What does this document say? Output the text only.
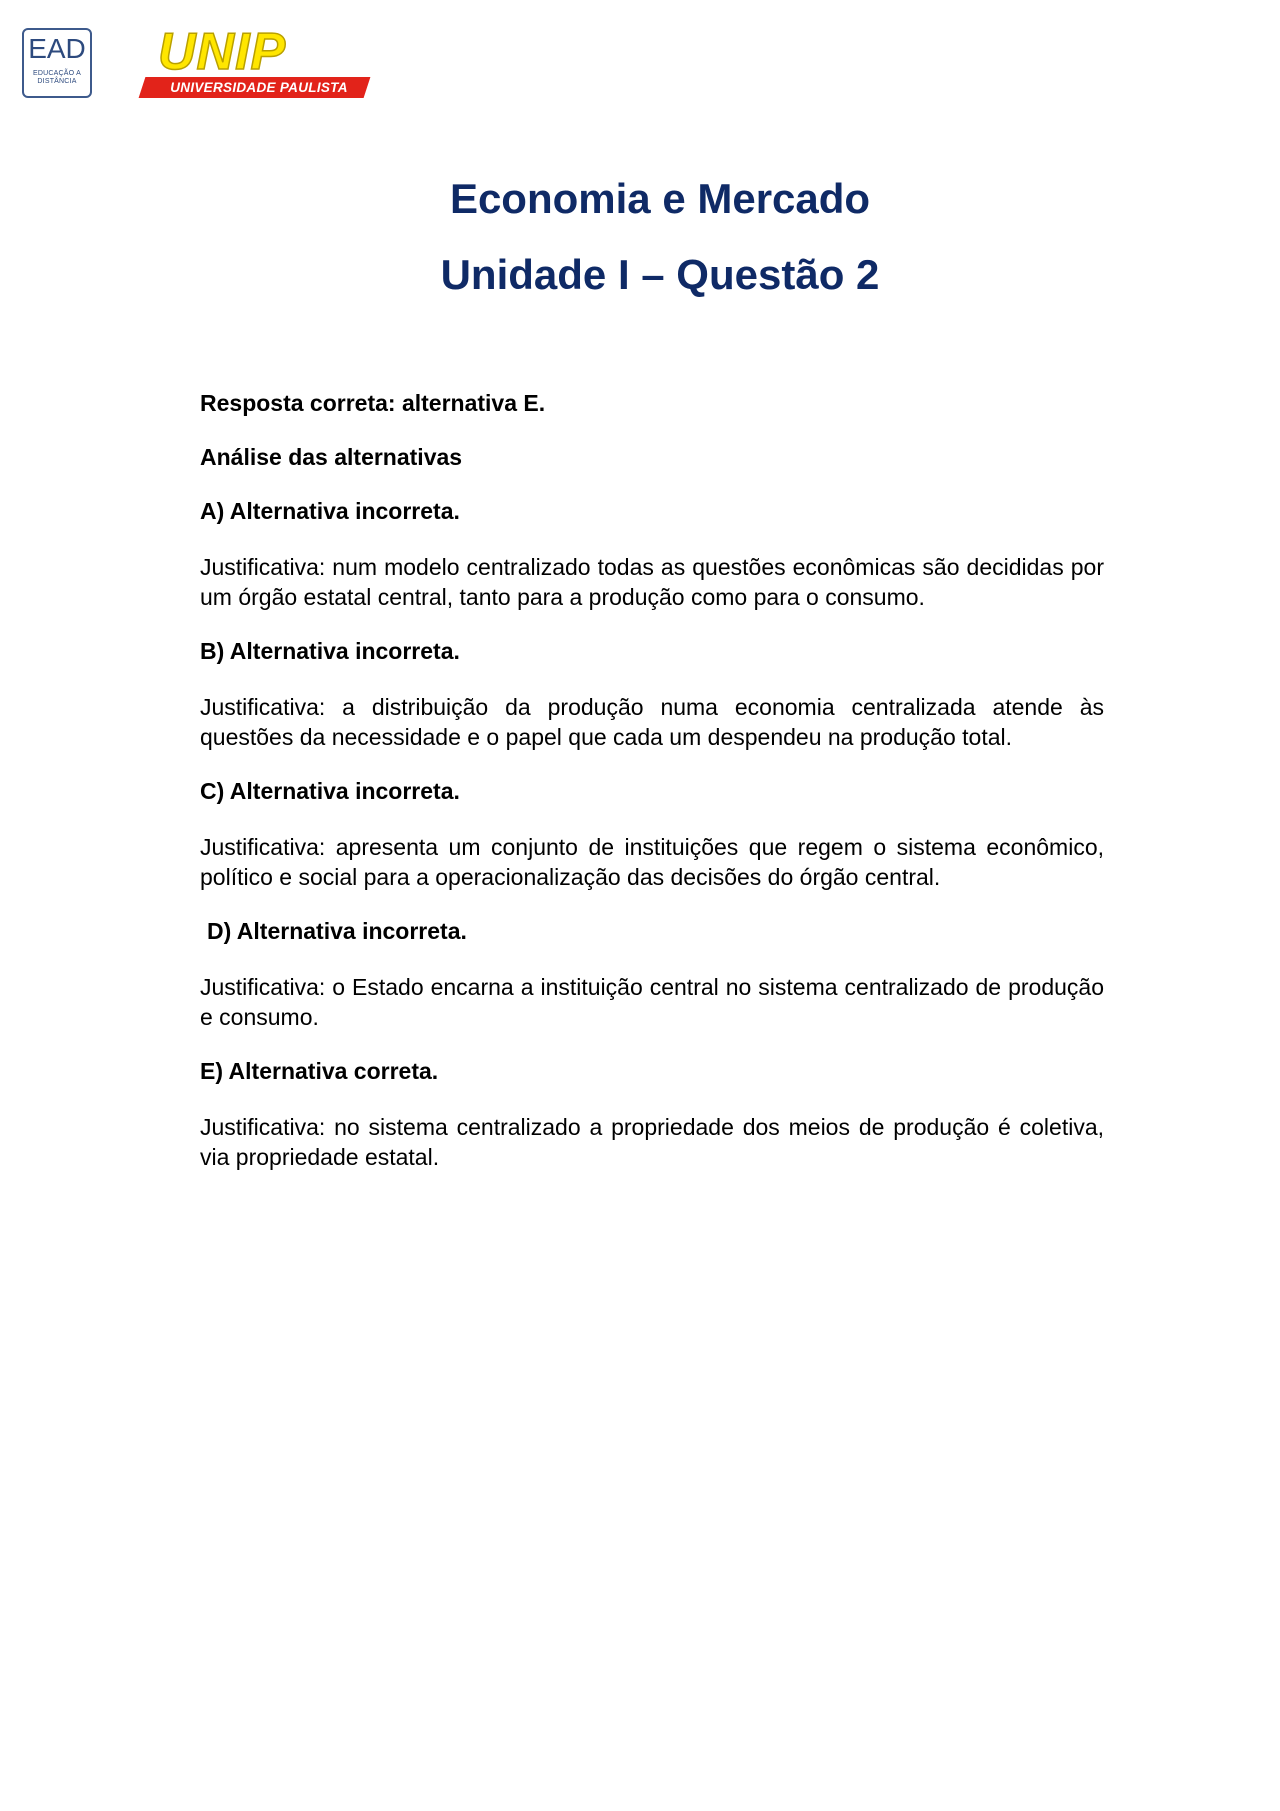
EAD
EDUCAÇÃO A DISTÂNCIA
UNIP
UNIVERSIDADE PAULISTA

Economia e Mercado

Unidade I – Questão 2

Resposta correta: alternativa E.

Análise das alternativas

A) Alternativa incorreta.

Justificativa: num modelo centralizado todas as questões econômicas são decididas por um órgão estatal central, tanto para a produção como para o consumo.

B) Alternativa incorreta.

Justificativa: a distribuição da produção numa economia centralizada atende às questões da necessidade e o papel que cada um despendeu na produção total.

C) Alternativa incorreta.

Justificativa: apresenta um conjunto de instituições que regem o sistema econômico, político e social para a operacionalização das decisões do órgão central.

D) Alternativa incorreta.

Justificativa: o Estado encarna a instituição central no sistema centralizado de produção e consumo.

E) Alternativa correta.

Justificativa: no sistema centralizado a propriedade dos meios de produção é coletiva, via propriedade estatal.
